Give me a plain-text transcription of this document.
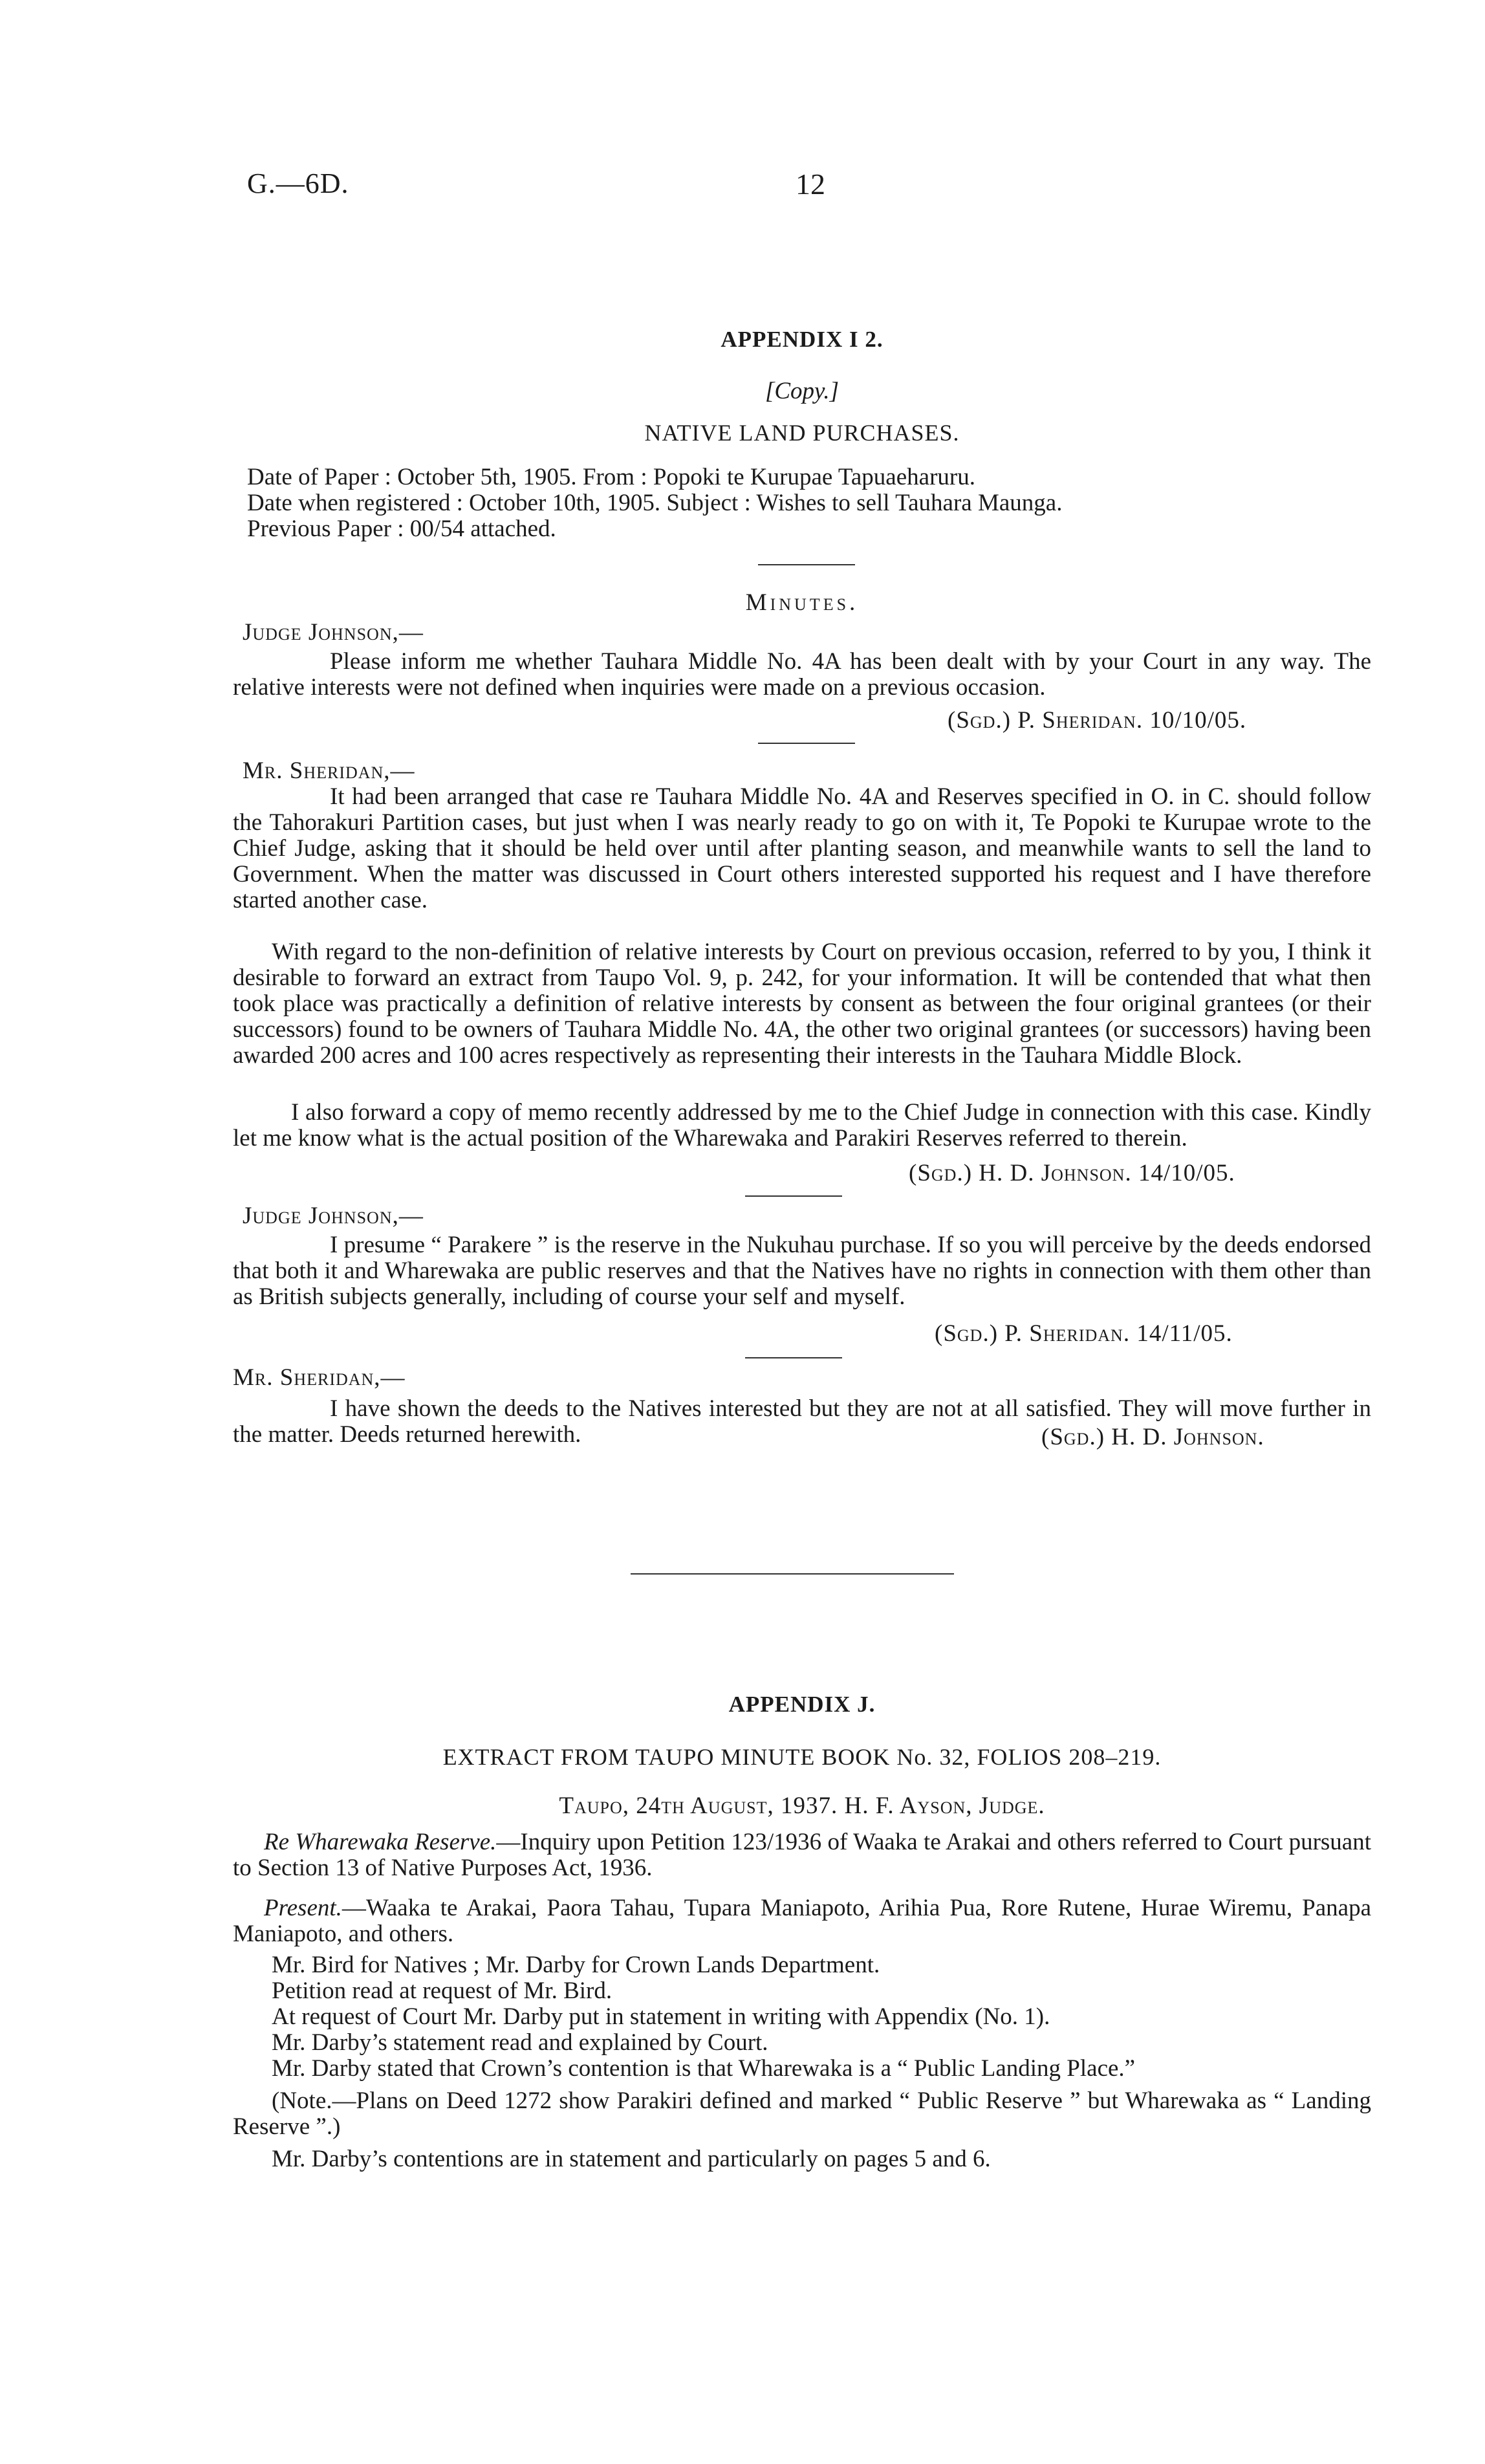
G.—6D.	12
APPENDIX I 2.
[Copy.]
NATIVE LAND PURCHASES.
Date of Paper : October 5th, 1905. From : Popoki te Kurupae Tapuaeharuru.
Date when registered : October 10th, 1905. Subject : Wishes to sell Tauhara Maunga.
Previous Paper : 00/54 attached.
Minutes.
Judge Johnson,—
Please inform me whether Tauhara Middle No. 4A has been dealt with by your Court in any way. The relative interests were not defined when inquiries were made on a previous occasion.
(Sgd.) P. Sheridan. 10/10/05.
Mr. Sheridan,—
It had been arranged that case re Tauhara Middle No. 4A and Reserves specified in O. in C. should follow the Tahorakuri Partition cases, but just when I was nearly ready to go on with it, Te Popoki te Kurupae wrote to the Chief Judge, asking that it should be held over until after planting season, and meanwhile wants to sell the land to Government. When the matter was discussed in Court others interested supported his request and I have therefore started another case.
With regard to the non-definition of relative interests by Court on previous occasion, referred to by you, I think it desirable to forward an extract from Taupo Vol. 9, p. 242, for your information. It will be contended that what then took place was practically a definition of relative interests by consent as between the four original grantees (or their successors) found to be owners of Tauhara Middle No. 4A, the other two original grantees (or successors) having been awarded 200 acres and 100 acres respectively as representing their interests in the Tauhara Middle Block.
I also forward a copy of memo recently addressed by me to the Chief Judge in connection with this case. Kindly let me know what is the actual position of the Wharewaka and Parakiri Reserves referred to therein.
(Sgd.) H. D. Johnson. 14/10/05.
Judge Johnson,—
I presume “ Parakere ” is the reserve in the Nukuhau purchase. If so you will perceive by the deeds endorsed that both it and Wharewaka are public reserves and that the Natives have no rights in connection with them other than as British subjects generally, including of course your self and myself.
(Sgd.) P. Sheridan. 14/11/05.
Mr. Sheridan,—
I have shown the deeds to the Natives interested but they are not at all satisfied. They will move further in the matter. Deeds returned herewith.	(Sgd.) H. D. Johnson.
APPENDIX J.
EXTRACT FROM TAUPO MINUTE BOOK No. 32, FOLIOS 208–219.
Taupo, 24th August, 1937. H. F. Ayson, Judge.
Re Wharewaka Reserve.—Inquiry upon Petition 123/1936 of Waaka te Arakai and others referred to Court pursuant to Section 13 of Native Purposes Act, 1936.
Present.—Waaka te Arakai, Paora Tahau, Tupara Maniapoto, Arihia Pua, Rore Rutene, Hurae Wiremu, Panapa Maniapoto, and others.
Mr. Bird for Natives ; Mr. Darby for Crown Lands Department.
Petition read at request of Mr. Bird.
At request of Court Mr. Darby put in statement in writing with Appendix (No. 1).
Mr. Darby’s statement read and explained by Court.
Mr. Darby stated that Crown’s contention is that Wharewaka is a “ Public Landing Place.”
(Note.—Plans on Deed 1272 show Parakiri defined and marked “ Public Reserve ” but Wharewaka as “ Landing Reserve ”.)
Mr. Darby’s contentions are in statement and particularly on pages 5 and 6.
